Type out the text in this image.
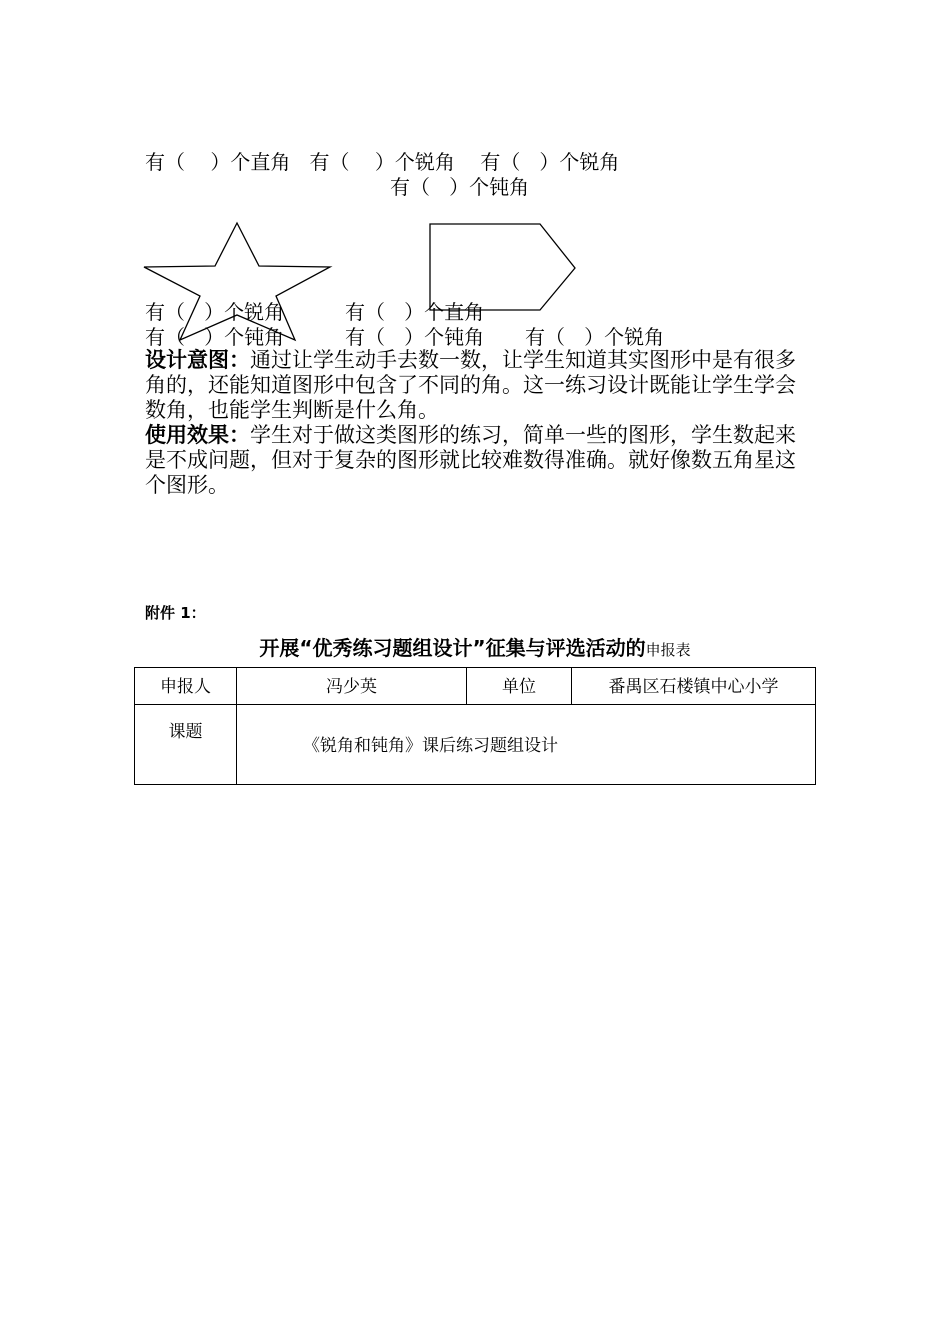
有（    ）个直角   有（    ）个锐角    有（   ）个锐角
有（   ）个钝角
有（   ）个锐角	有（   ）个直角
有（   ）个钝角	有（   ）个钝角 有（   ）个锐角
设计意图：通过让学生动手去数一数，让学生知道其实图形中是有很多角的，还能知道图形中包含了不同的角。这一练习设计既能让学生学会数角，也能学生判断是什么角。
使用效果：学生对于做这类图形的练习，简单一些的图形，学生数起来是不成问题，但对于复杂的图形就比较难数得准确。就好像数五角星这个图形。
附件 1：
开展“优秀练习题组设计”征集与评选活动的申报表
申报人	冯少英	单位	番禺区石楼镇中心小学
课题	《锐角和钝角》课后练习题组设计		
